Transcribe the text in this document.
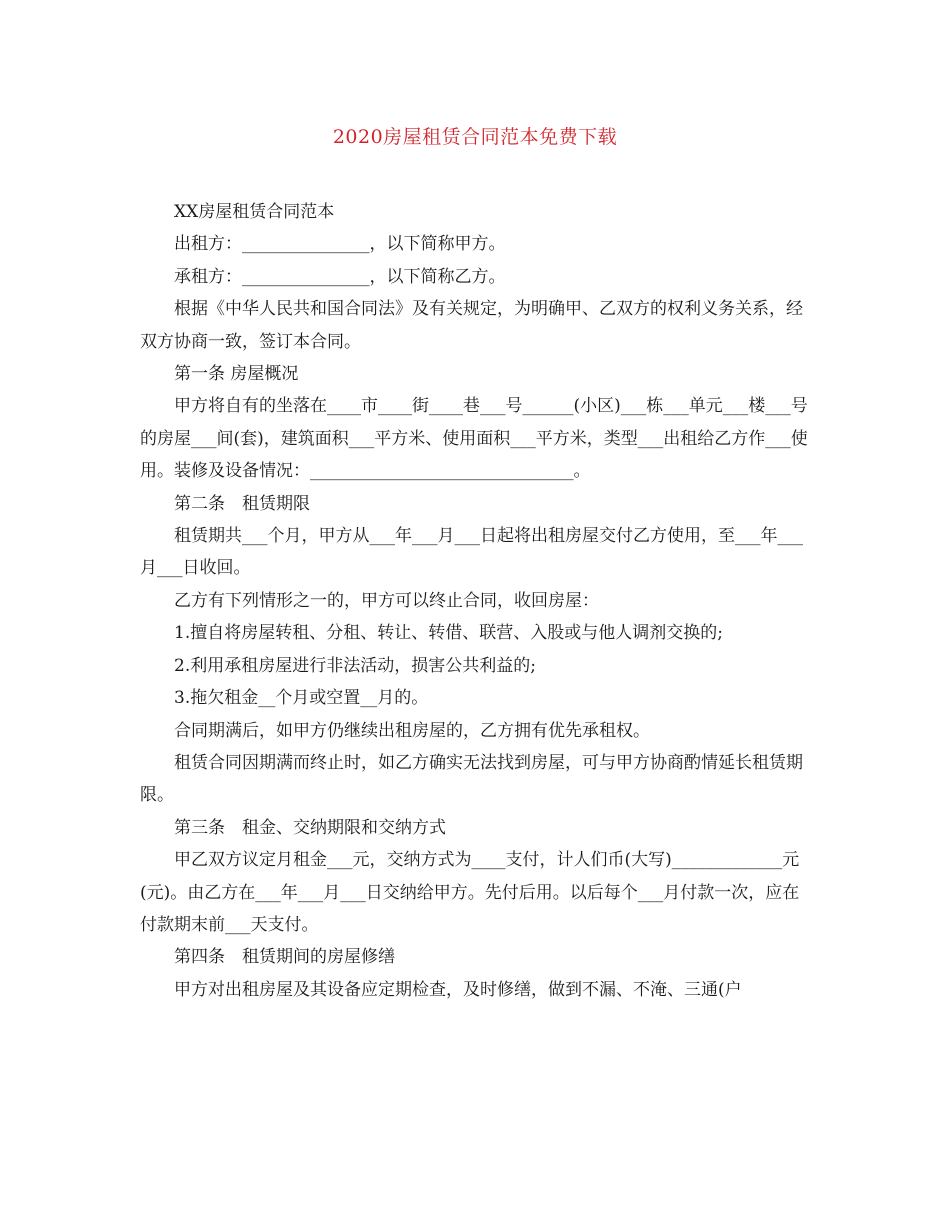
2020房屋租赁合同范本免费下载

XX房屋租赁合同范本

出租方：_______________，以下简称甲方。

承租方：_______________，以下简称乙方。

根据《中华人民共和国合同法》及有关规定，为明确甲、乙双方的权利义务关系，经双方协商一致，签订本合同。

第一条 房屋概况

甲方将自有的坐落在____市____街____巷___号______(小区)___栋___单元___楼___号的房屋___间(套)，建筑面积___平方米、使用面积___平方米，类型___出租给乙方作___使用。装修及设备情况：_______________________________。

第二条　租赁期限

租赁期共___个月，甲方从___年___月___日起将出租房屋交付乙方使用，至___年___月___日收回。

乙方有下列情形之一的，甲方可以终止合同，收回房屋：

1.擅自将房屋转租、分租、转让、转借、联营、入股或与他人调剂交换的;

2.利用承租房屋进行非法活动，损害公共利益的;

3.拖欠租金__个月或空置__月的。

合同期满后，如甲方仍继续出租房屋的，乙方拥有优先承租权。

租赁合同因期满而终止时，如乙方确实无法找到房屋，可与甲方协商酌情延长租赁期限。

第三条　租金、交纳期限和交纳方式

甲乙双方议定月租金___元，交纳方式为____支付，计人们币(大写)_____________元(元)。由乙方在___年___月___日交纳给甲方。先付后用。以后每个___月付款一次，应在付款期末前___天支付。

第四条　租赁期间的房屋修缮

甲方对出租房屋及其设备应定期检查，及时修缮，做到不漏、不淹、三通(户
